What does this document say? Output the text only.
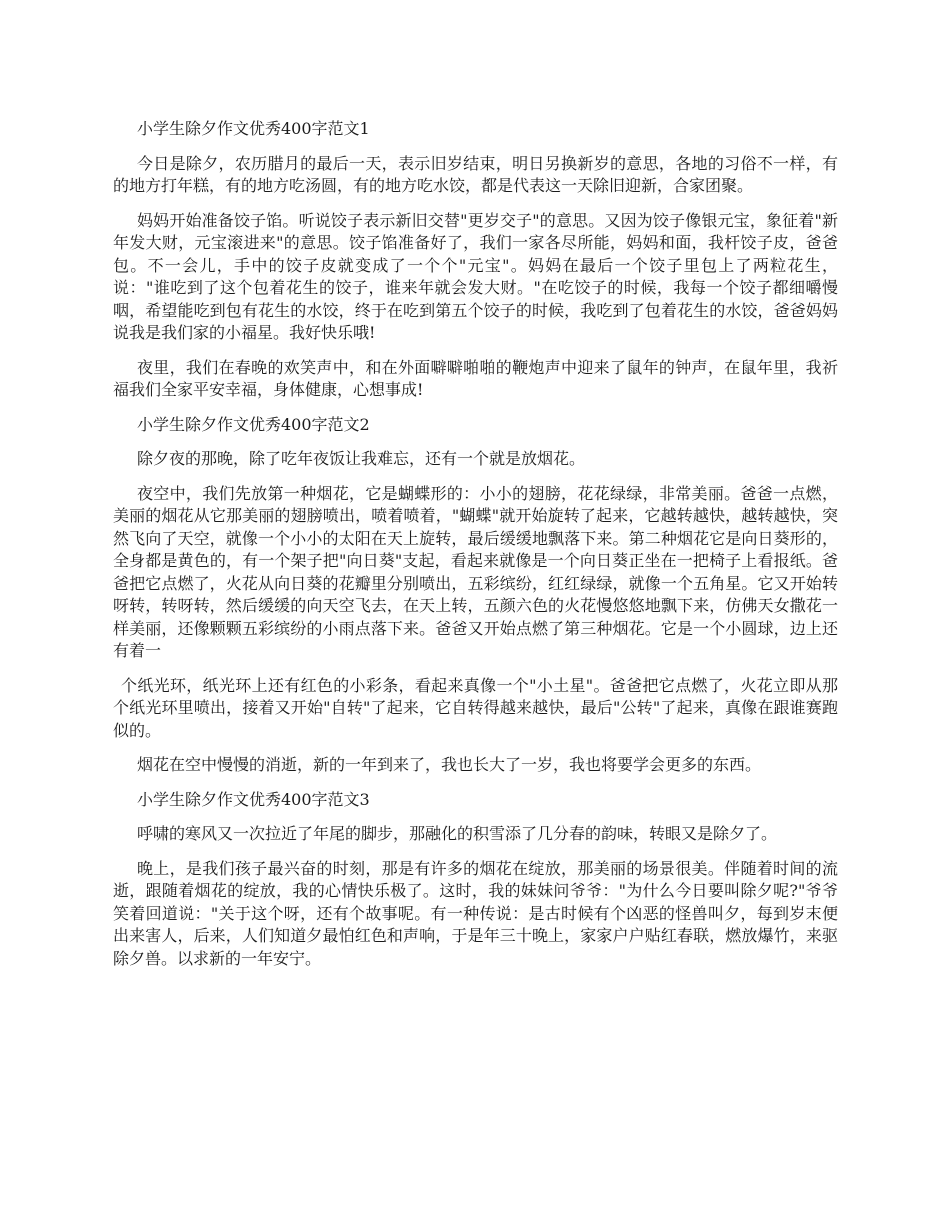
小学生除夕作文优秀400字范文1

今日是除夕，农历腊月的最后一天，表示旧岁结束，明日另换新岁的意思，各地的习俗不一样，有的地方打年糕，有的地方吃汤圆，有的地方吃水饺，都是代表这一天除旧迎新，合家团聚。

妈妈开始准备饺子馅。听说饺子表示新旧交替"更岁交子"的意思。又因为饺子像银元宝，象征着"新年发大财，元宝滚进来"的意思。饺子馅准备好了，我们一家各尽所能，妈妈和面，我杆饺子皮，爸爸包。不一会儿，手中的饺子皮就变成了一个个"元宝"。妈妈在最后一个饺子里包上了两粒花生，说："谁吃到了这个包着花生的饺子，谁来年就会发大财。"在吃饺子的时候，我每一个饺子都细嚼慢咽，希望能吃到包有花生的水饺，终于在吃到第五个饺子的时候，我吃到了包着花生的水饺，爸爸妈妈说我是我们家的小福星。我好快乐哦!

夜里，我们在春晚的欢笑声中，和在外面噼噼啪啪的鞭炮声中迎来了鼠年的钟声，在鼠年里，我祈福我们全家平安幸福，身体健康，心想事成!

小学生除夕作文优秀400字范文2

除夕夜的那晚，除了吃年夜饭让我难忘，还有一个就是放烟花。

夜空中，我们先放第一种烟花，它是蝴蝶形的：小小的翅膀，花花绿绿，非常美丽。爸爸一点燃，美丽的烟花从它那美丽的翅膀喷出，喷着喷着，"蝴蝶"就开始旋转了起来，它越转越快，越转越快，突然飞向了天空，就像一个小小的太阳在天上旋转，最后缓缓地飘落下来。第二种烟花它是向日葵形的，全身都是黄色的，有一个架子把"向日葵"支起，看起来就像是一个向日葵正坐在一把椅子上看报纸。爸爸把它点燃了，火花从向日葵的花瓣里分别喷出，五彩缤纷，红红绿绿，就像一个五角星。它又开始转呀转，转呀转，然后缓缓的向天空飞去，在天上转，五颜六色的火花慢悠悠地飘下来，仿佛天女撒花一样美丽，还像颗颗五彩缤纷的小雨点落下来。爸爸又开始点燃了第三种烟花。它是一个小圆球，边上还有着一

个纸光环，纸光环上还有红色的小彩条，看起来真像一个"小土星"。爸爸把它点燃了，火花立即从那个纸光环里喷出，接着又开始"自转"了起来，它自转得越来越快，最后"公转"了起来，真像在跟谁赛跑似的。

烟花在空中慢慢的消逝，新的一年到来了，我也长大了一岁，我也将要学会更多的东西。

小学生除夕作文优秀400字范文3

呼啸的寒风又一次拉近了年尾的脚步，那融化的积雪添了几分春的韵味，转眼又是除夕了。

晚上，是我们孩子最兴奋的时刻，那是有许多的烟花在绽放，那美丽的场景很美。伴随着时间的流逝，跟随着烟花的绽放，我的心情快乐极了。这时，我的妹妹问爷爷："为什么今日要叫除夕呢?"爷爷笑着回道说："关于这个呀，还有个故事呢。有一种传说：是古时候有个凶恶的怪兽叫夕，每到岁末便出来害人，后来，人们知道夕最怕红色和声响，于是年三十晚上，家家户户贴红春联，燃放爆竹，来驱除夕兽。以求新的一年安宁。
